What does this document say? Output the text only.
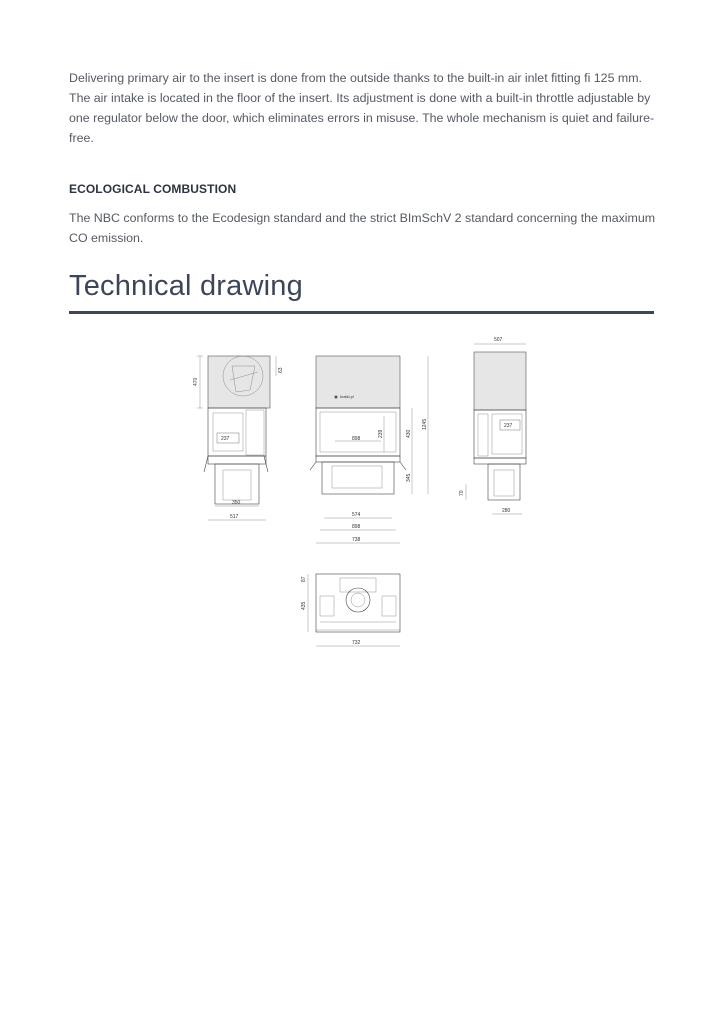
Delivering primary air to the insert is done from the outside thanks to the built-in air inlet fitting fi 125 mm. The air intake is located in the floor of the insert. Its adjustment is done with a built-in throttle adjustable by one regulator below the door, which eliminates errors in misuse. The whole mechanism is quiet and failure-free.

ECOLOGICAL COMBUSTION

The NBC conforms to the Ecodesign standard and the strict BImSchV 2 standard concerning the maximum CO emission.

Technical drawing
470
63
237
350
517
kratki.pl
898
239	430
1245
345
574
898
738
507
237
70
280
87
435
732
